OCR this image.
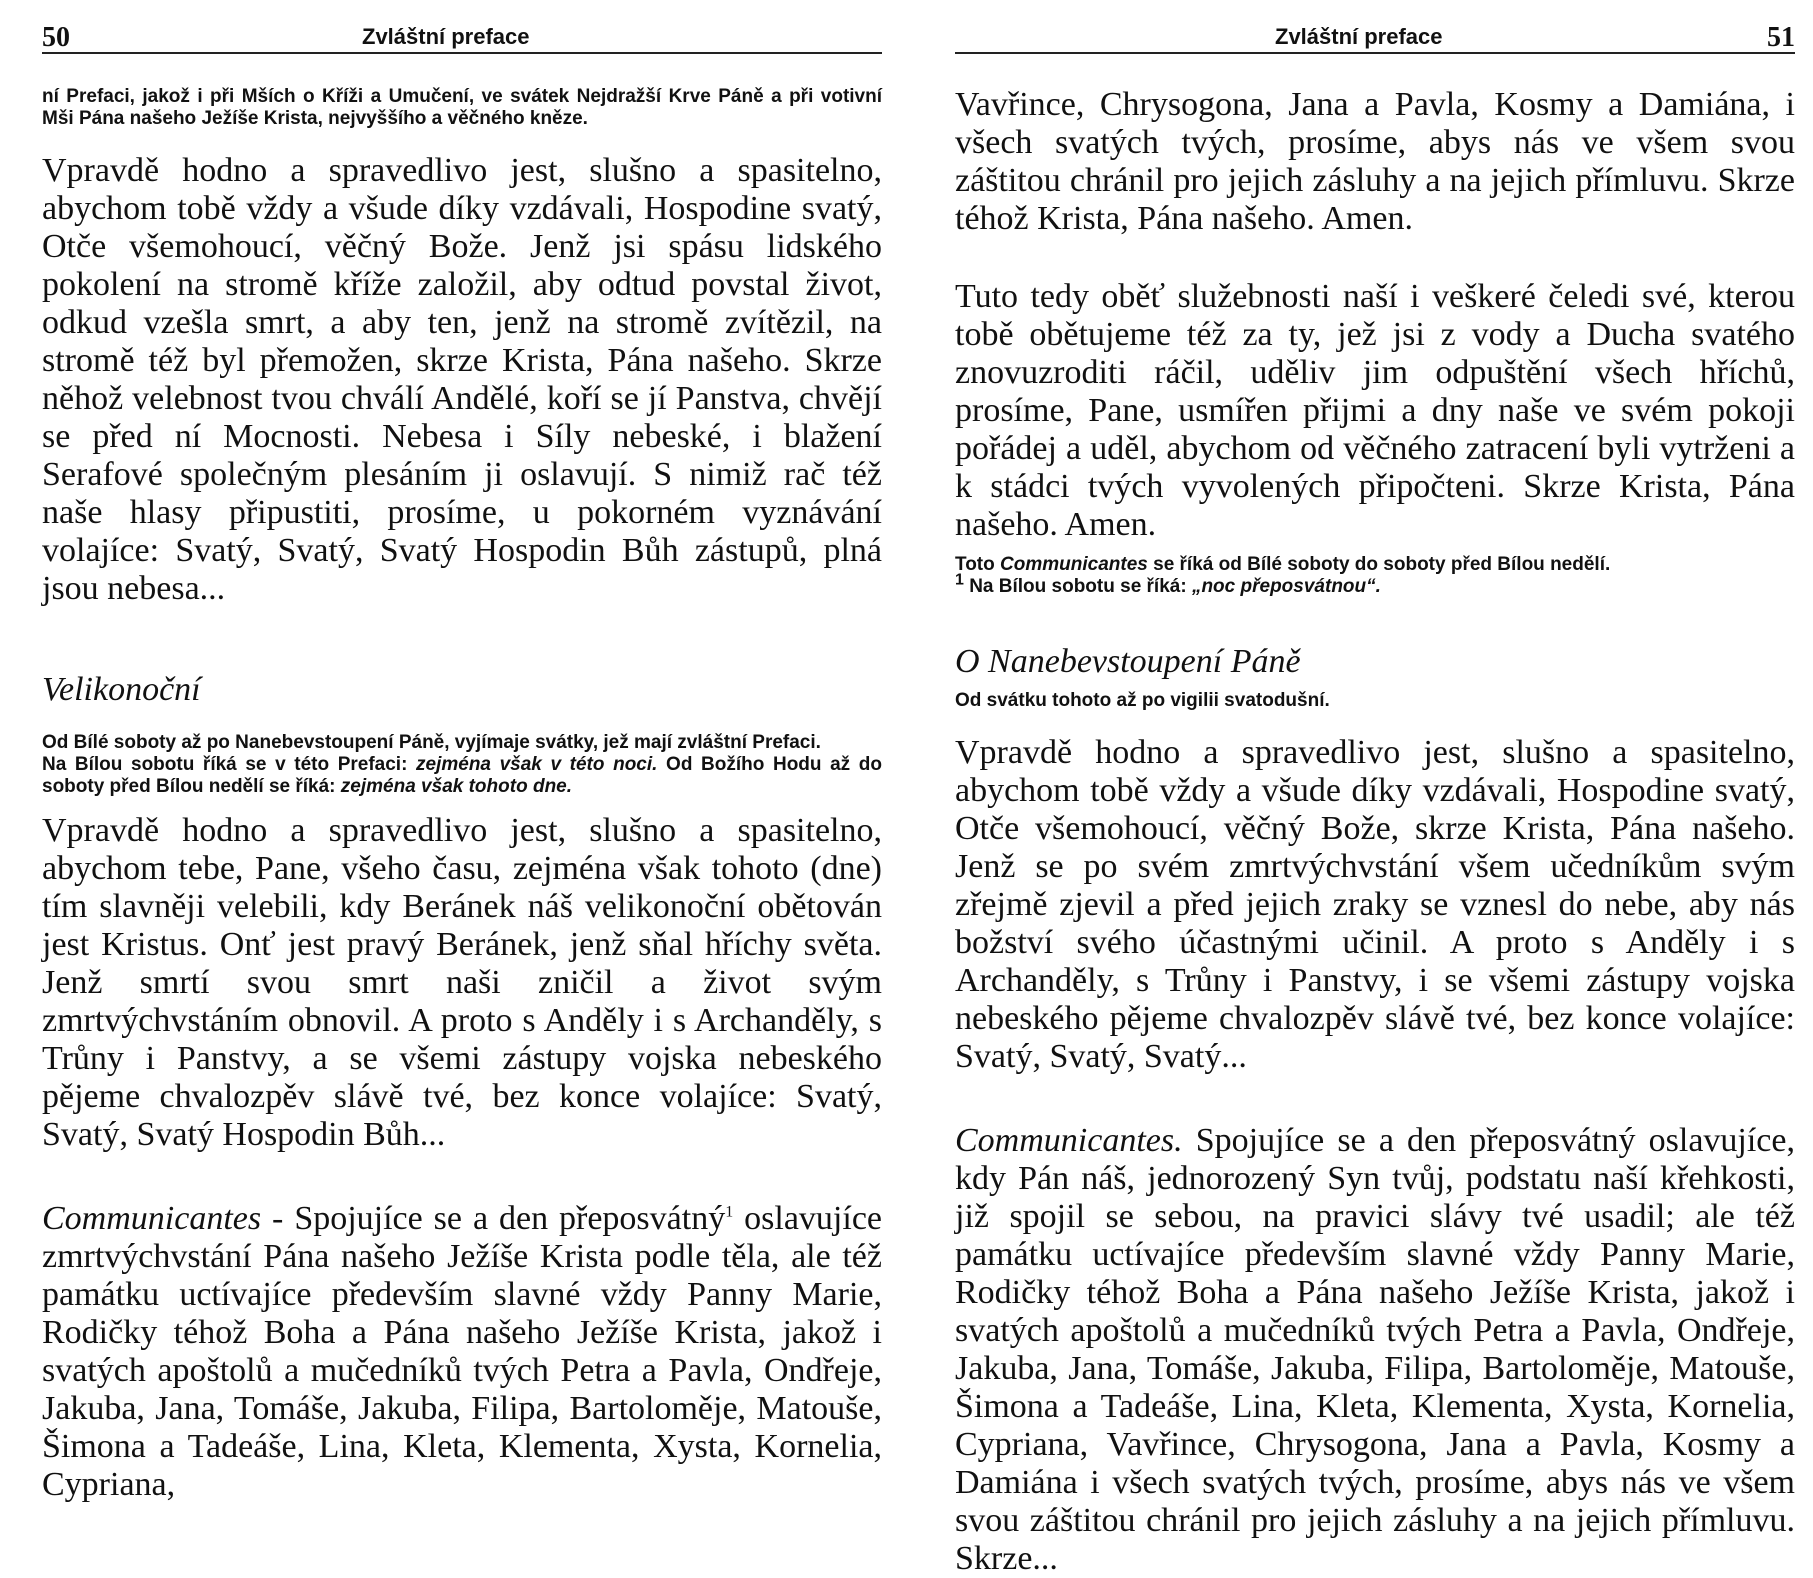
50	Zvláštní preface

ní Prefaci, jakož i při Mších o Kříži a Umučení, ve svátek Nejdražší Krve Páně a při votivní Mši Pána našeho Ježíše Krista, nejvyššího a věčného kněze.

Vpravdě hodno a spravedlivo jest, slušno a spasitelno, abychom tobě vždy a všude díky vzdávali, Hospodine svatý, Otče všemohoucí, věčný Bože. Jenž jsi spásu lidského pokolení na stromě kříže založil, aby odtud povstal život, odkud vzešla smrt, a aby ten, jenž na stromě zvítězil, na stromě též byl přemožen, skrze Krista, Pána našeho. Skrze něhož velebnost tvou chválí Andělé, koří se jí Panstva, chvějí se před ní Mocnosti. Nebesa i Síly nebeské, i blažení Serafové společným plesáním ji oslavují. S nimiž rač též naše hlasy připustiti, prosíme, u pokorném vyznávání volajíce: Svatý, Svatý, Svatý Hospodin Bůh zástupů, plná jsou nebesa...

Velikonoční

Od Bílé soboty až po Nanebevstoupení Páně, vyjímaje svátky, jež mají zvláštní Prefaci.

Na Bílou sobotu říká se v této Prefaci: zejména však v této noci. Od Božího Hodu až do soboty před Bílou nedělí se říká: zejména však tohoto dne.

Vpravdě hodno a spravedlivo jest, slušno a spasitelno, abychom tebe, Pane, všeho času, zejména však tohoto (dne) tím slavněji velebili, kdy Beránek náš velikonoční obětován jest Kristus. Onť jest pravý Beránek, jenž sňal hříchy světa. Jenž smrtí svou smrt naši zničil a život svým zmrtvýchvstáním obnovil. A proto s Anděly i s Archanděly, s Trůny i Panstvy, a se všemi zástupy vojska nebeského pějeme chvalozpěv slávě tvé, bez konce volajíce: Svatý, Svatý, Svatý Hospodin Bůh...

Communicantes - Spojujíce se a den přeposvátný$^1$ oslavujíce zmrtvýchvstání Pána našeho Ježíše Krista podle těla, ale též památku uctívajíce především slavné vždy Panny Marie, Rodičky téhož Boha a Pána našeho Ježíše Krista, jakož i svatých apoštolů a mučedníků tvých Petra a Pavla, Ondřeje, Jakuba, Jana, Tomáše, Jakuba, Filipa, Bartoloměje, Matouše, Šimona a Tadeáše, Lina, Kleta, Klementa, Xysta, Kornelia, Cypriana,

Zvláštní preface	51

Vavřince, Chrysogona, Jana a Pavla, Kosmy a Damiána, i všech svatých tvých, prosíme, abys nás ve všem svou záštitou chránil pro jejich zásluhy a na jejich přímluvu. Skrze téhož Krista, Pána našeho. Amen.

Tuto tedy oběť služebnosti naší i veškeré čeledi své, kterou tobě obětujeme též za ty, jež jsi z vody a Ducha svatého znovuzroditi ráčil, uděliv jim odpuštění všech hříchů, prosíme, Pane, usmířen přijmi a dny naše ve svém pokoji pořádej a uděl, abychom od věčného zatracení byli vytrženi a k stádci tvých vyvolených připočteni. Skrze Krista, Pána našeho. Amen.

Toto Communicantes se říká od Bílé soboty do soboty před Bílou nedělí.

$^1$ Na Bílou sobotu se říká: „noc přeposvátnou“.

O Nanebevstoupení Páně

Od svátku tohoto až po vigilii svatodušní.

Vpravdě hodno a spravedlivo jest, slušno a spasitelno, abychom tobě vždy a všude díky vzdávali, Hospodine svatý, Otče všemohoucí, věčný Bože, skrze Krista, Pána našeho. Jenž se po svém zmrtvýchvstání všem učedníkům svým zřejmě zjevil a před jejich zraky se vznesl do nebe, aby nás božství svého účastnými učinil. A proto s Anděly i s Archanděly, s Trůny i Panstvy, i se všemi zástupy vojska nebeského pějeme chvalozpěv slávě tvé, bez konce volajíce: Svatý, Svatý, Svatý...

Communicantes. Spojujíce se a den přeposvátný oslavujíce, kdy Pán náš, jednorozený Syn tvůj, podstatu naší křehkosti, již spojil se sebou, na pravici slávy tvé usadil; ale též památku uctívajíce především slavné vždy Panny Marie, Rodičky téhož Boha a Pána našeho Ježíše Krista, jakož i svatých apoštolů a mučedníků tvých Petra a Pavla, Ondřeje, Jakuba, Jana, Tomáše, Jakuba, Filipa, Bartoloměje, Matouše, Šimona a Tadeáše, Lina, Kleta, Klementa, Xysta, Kornelia, Cypriana, Vavřince, Chrysogona, Jana a Pavla, Kosmy a Damiána i všech svatých tvých, prosíme, abys nás ve všem svou záštitou chránil pro jejich zásluhy a na jejich přímluvu. Skrze...
